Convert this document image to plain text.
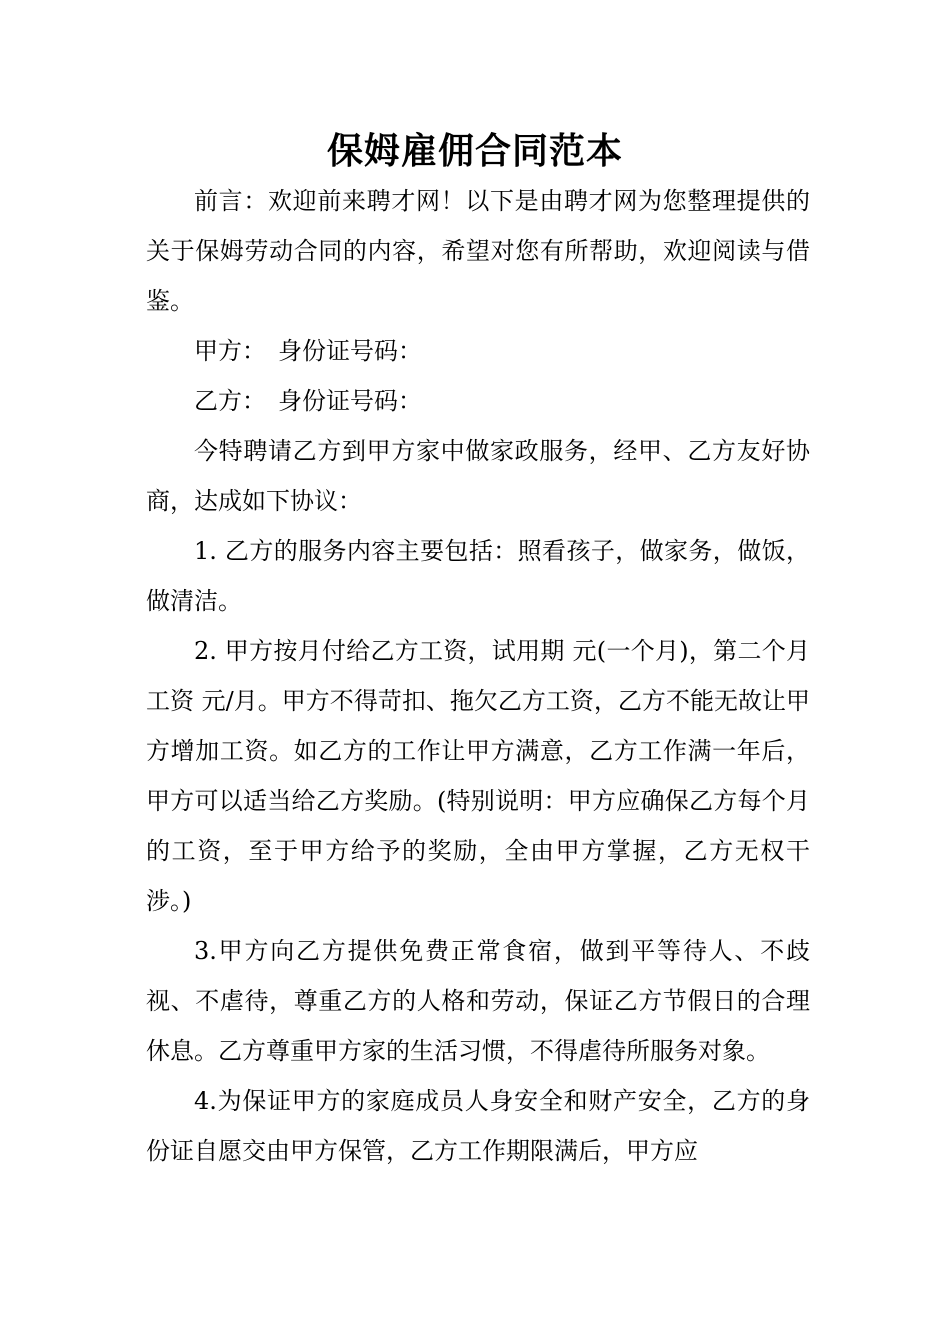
保姆雇佣合同范本

前言：欢迎前来聘才网！以下是由聘才网为您整理提供的关于保姆劳动合同的内容，希望对您有所帮助，欢迎阅读与借鉴。

甲方：　身份证号码：

乙方：　身份证号码：

今特聘请乙方到甲方家中做家政服务，经甲、乙方友好协商，达成如下协议：

1. 乙方的服务内容主要包括：照看孩子，做家务，做饭，做清洁。

2. 甲方按月付给乙方工资，试用期 元(一个月)，第二个月工资 元/月。甲方不得苛扣、拖欠乙方工资，乙方不能无故让甲方增加工资。如乙方的工作让甲方满意，乙方工作满一年后，甲方可以适当给乙方奖励。(特别说明：甲方应确保乙方每个月的工资，至于甲方给予的奖励，全由甲方掌握，乙方无权干涉。)

3.甲方向乙方提供免费正常食宿，做到平等待人、不歧视、不虐待，尊重乙方的人格和劳动，保证乙方节假日的合理休息。乙方尊重甲方家的生活习惯，不得虐待所服务对象。

4.为保证甲方的家庭成员人身安全和财产安全，乙方的身份证自愿交由甲方保管，乙方工作期限满后，甲方应
